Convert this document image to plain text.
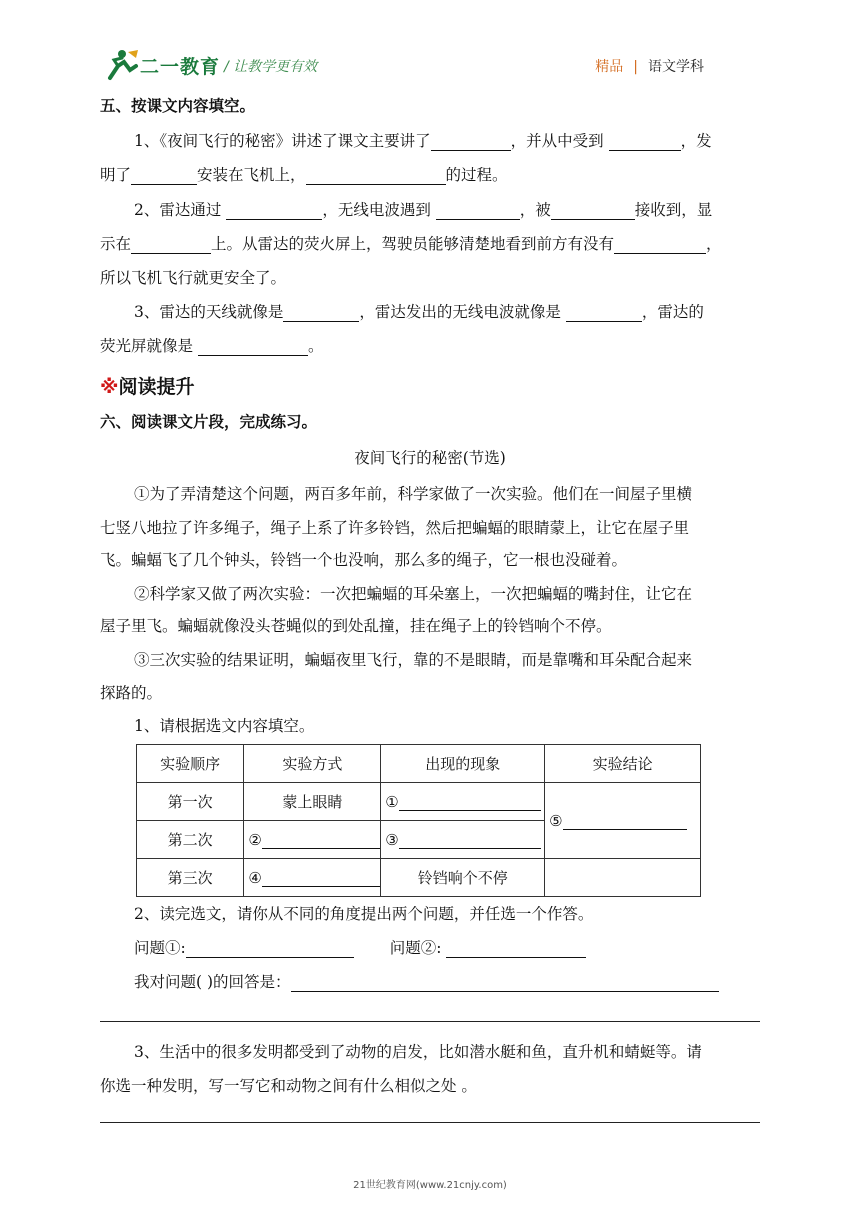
二一教育 / 让教学更有效	精品 | 语文学科
五、按课文内容填空。
1、《夜间飞行的秘密》讲述了课文主要讲了	，并从中受到	，发
明了	安装在飞机上，	的过程。
2、雷达通过	，无线电波遇到	，被	接收到，显
示在	上。从雷达的荧火屏上，驾驶员能够清楚地看到前方有没有	，
所以飞机飞行就更安全了。
3、雷达的天线就像是	，雷达发出的无线电波就像是	，雷达的
荧光屏就像是	。
※阅读提升
六、阅读课文片段，完成练习。
夜间飞行的秘密(节选)
①为了弄清楚这个问题，两百多年前，科学家做了一次实验。他们在一间屋子里横
七竖八地拉了许多绳子，绳子上系了许多铃铛，然后把蝙蝠的眼睛蒙上，让它在屋子里
飞。蝙蝠飞了几个钟头，铃铛一个也没响，那么多的绳子，它一根也没碰着。
②科学家又做了两次实验：一次把蝙蝠的耳朵塞上，一次把蝙蝠的嘴封住，让它在
屋子里飞。蝙蝠就像没头苍蝇似的到处乱撞，挂在绳子上的铃铛响个不停。
③三次实验的结果证明，蝙蝠夜里飞行，靠的不是眼睛，而是靠嘴和耳朵配合起来
探路的。
1、请根据选文内容填空。
实验顺序	实验方式	出现的现象	实验结论
第一次	蒙上眼睛	①	⑤
第二次	②	③	
第三次	④	铃铛响个不停	
2、读完选文，请你从不同的角度提出两个问题，并任选一个作答。
问题①:	问题②:
我对问题( )的回答是：
3、生活中的很多发明都受到了动物的启发，比如潜水艇和鱼，直升机和蜻蜓等。请
你选一种发明，写一写它和动物之间有什么相似之处 。
21世纪教育网(www.21cnjy.com)
